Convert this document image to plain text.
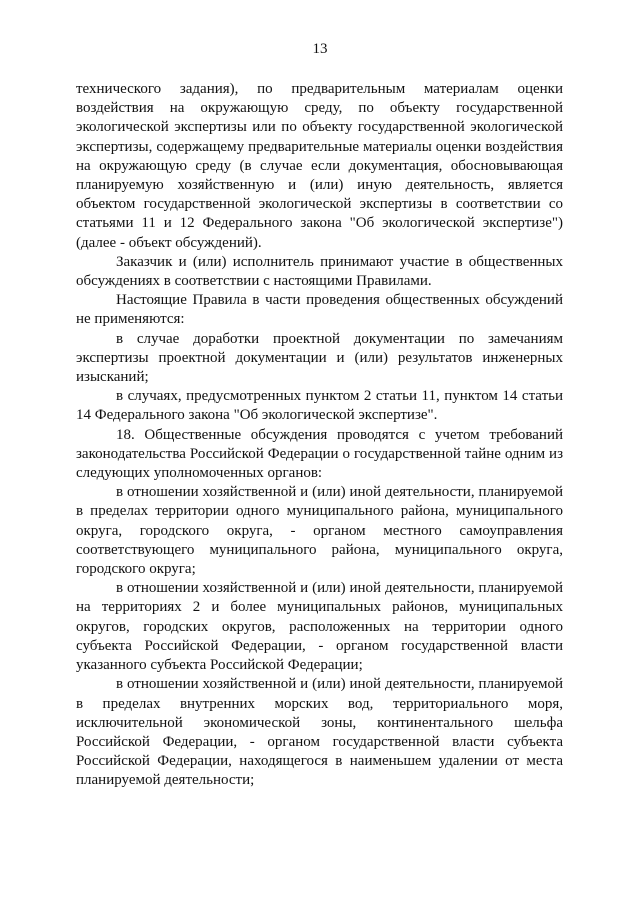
13

технического задания), по предварительным материалам оценки воздействия на окружающую среду, по объекту государственной экологической экспертизы или по объекту государственной экологической экспертизы, содержащему предварительные материалы оценки воздействия на окружающую среду (в случае если документация, обосновывающая планируемую хозяйственную и (или) иную деятельность, является объектом государственной экологической экспертизы в соответствии со статьями 11 и 12 Федерального закона "Об экологической экспертизе") (далее - объект обсуждений).

Заказчик и (или) исполнитель принимают участие в общественных обсуждениях в соответствии с настоящими Правилами.

Настоящие Правила в части проведения общественных обсуждений не применяются:

в случае доработки проектной документации по замечаниям экспертизы проектной документации и (или) результатов инженерных изысканий;

в случаях, предусмотренных пунктом 2 статьи 11, пунктом 14 статьи 14 Федерального закона "Об экологической экспертизе".

18. Общественные обсуждения проводятся с учетом требований законодательства Российской Федерации о государственной тайне одним из следующих уполномоченных органов:

в отношении хозяйственной и (или) иной деятельности, планируемой в пределах территории одного муниципального района, муниципального округа, городского округа, - органом местного самоуправления соответствующего муниципального района, муниципального округа, городского округа;

в отношении хозяйственной и (или) иной деятельности, планируемой на территориях 2 и более муниципальных районов, муниципальных округов, городских округов, расположенных на территории одного субъекта Российской Федерации, - органом государственной власти указанного субъекта Российской Федерации;

в отношении хозяйственной и (или) иной деятельности, планируемой в пределах внутренних морских вод, территориального моря, исключительной экономической зоны, континентального шельфа Российской Федерации, - органом государственной власти субъекта Российской Федерации, находящегося в наименьшем удалении от места планируемой деятельности;
